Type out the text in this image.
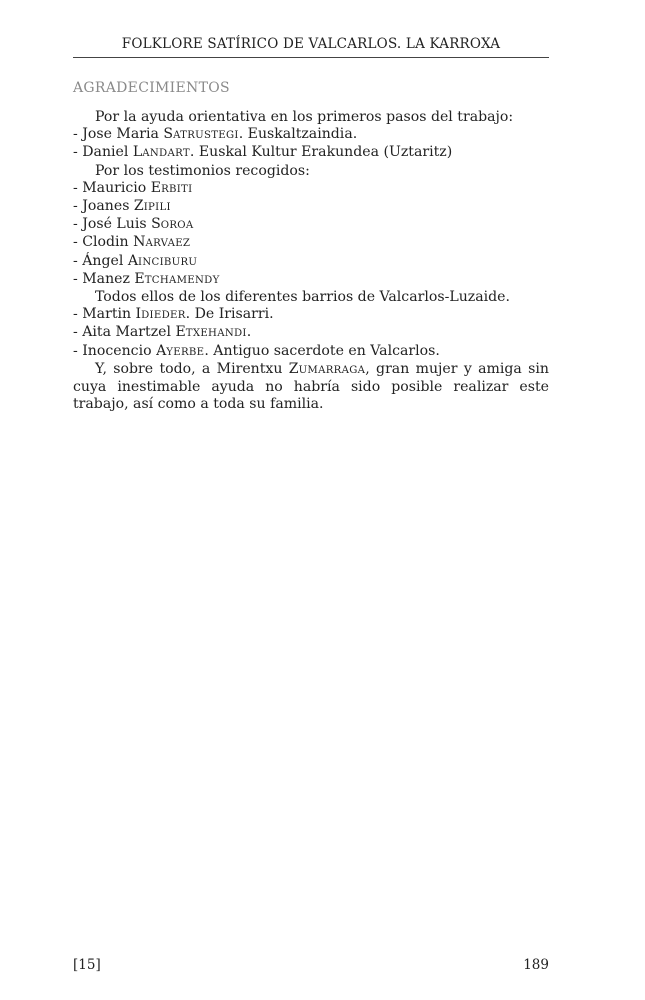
FOLKLORE SATÍRICO DE VALCARLOS. LA KARROXA
AGRADECIMIENTOS
Por la ayuda orientativa en los primeros pasos del trabajo:
- Jose Maria SATRUSTEGI. Euskaltzaindia.
- Daniel LANDART. Euskal Kultur Erakundea (Uztaritz)
Por los testimonios recogidos:
- Mauricio ERBITI
- Joanes ZIPILI
- José Luis SOROA
- Clodin NARVAEZ
- Ángel AINCIBURU
- Manez ETCHAMENDY
Todos ellos de los diferentes barrios de Valcarlos-Luzaide.
- Martin IDIEDER. De Irisarri.
- Aita Martzel ETXEHANDI.
- Inocencio AYERBE. Antiguo sacerdote en Valcarlos.
Y, sobre todo, a Mirentxu ZUMARRAGA, gran mujer y amiga sin cuya inestimable ayuda no habría sido posible realizar este trabajo, así como a toda su familia.
[15]	189
